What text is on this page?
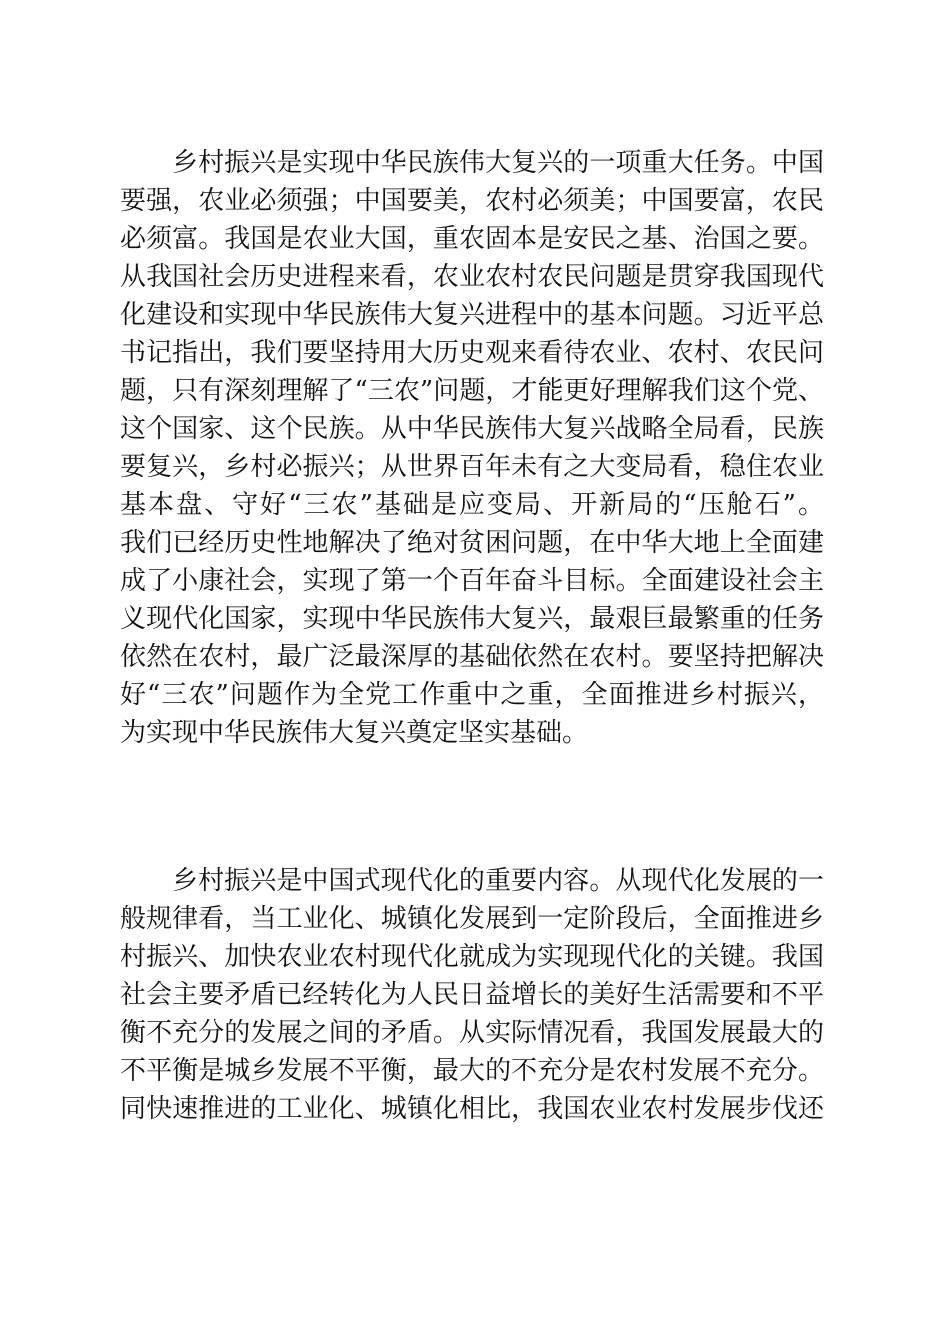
乡村振兴是实现中华民族伟大复兴的一项重大任务。中国
要强，农业必须强；中国要美，农村必须美；中国要富，农民
必须富。我国是农业大国，重农固本是安民之基、治国之要。
从我国社会历史进程来看，农业农村农民问题是贯穿我国现代
化建设和实现中华民族伟大复兴进程中的基本问题。习近平总
书记指出，我们要坚持用大历史观来看待农业、农村、农民问
题，只有深刻理解了“三农”问题，才能更好理解我们这个党、
这个国家、这个民族。从中华民族伟大复兴战略全局看，民族
要复兴，乡村必振兴；从世界百年未有之大变局看，稳住农业
基本盘、守好“三农”基础是应变局、开新局的“压舱石”。
我们已经历史性地解决了绝对贫困问题，在中华大地上全面建
成了小康社会，实现了第一个百年奋斗目标。全面建设社会主
义现代化国家，实现中华民族伟大复兴，最艰巨最繁重的任务
依然在农村，最广泛最深厚的基础依然在农村。要坚持把解决
好“三农”问题作为全党工作重中之重，全面推进乡村振兴，
为实现中华民族伟大复兴奠定坚实基础。
乡村振兴是中国式现代化的重要内容。从现代化发展的一
般规律看，当工业化、城镇化发展到一定阶段后，全面推进乡
村振兴、加快农业农村现代化就成为实现现代化的关键。我国
社会主要矛盾已经转化为人民日益增长的美好生活需要和不平
衡不充分的发展之间的矛盾。从实际情况看，我国发展最大的
不平衡是城乡发展不平衡，最大的不充分是农村发展不充分。
同快速推进的工业化、城镇化相比，我国农业农村发展步伐还
